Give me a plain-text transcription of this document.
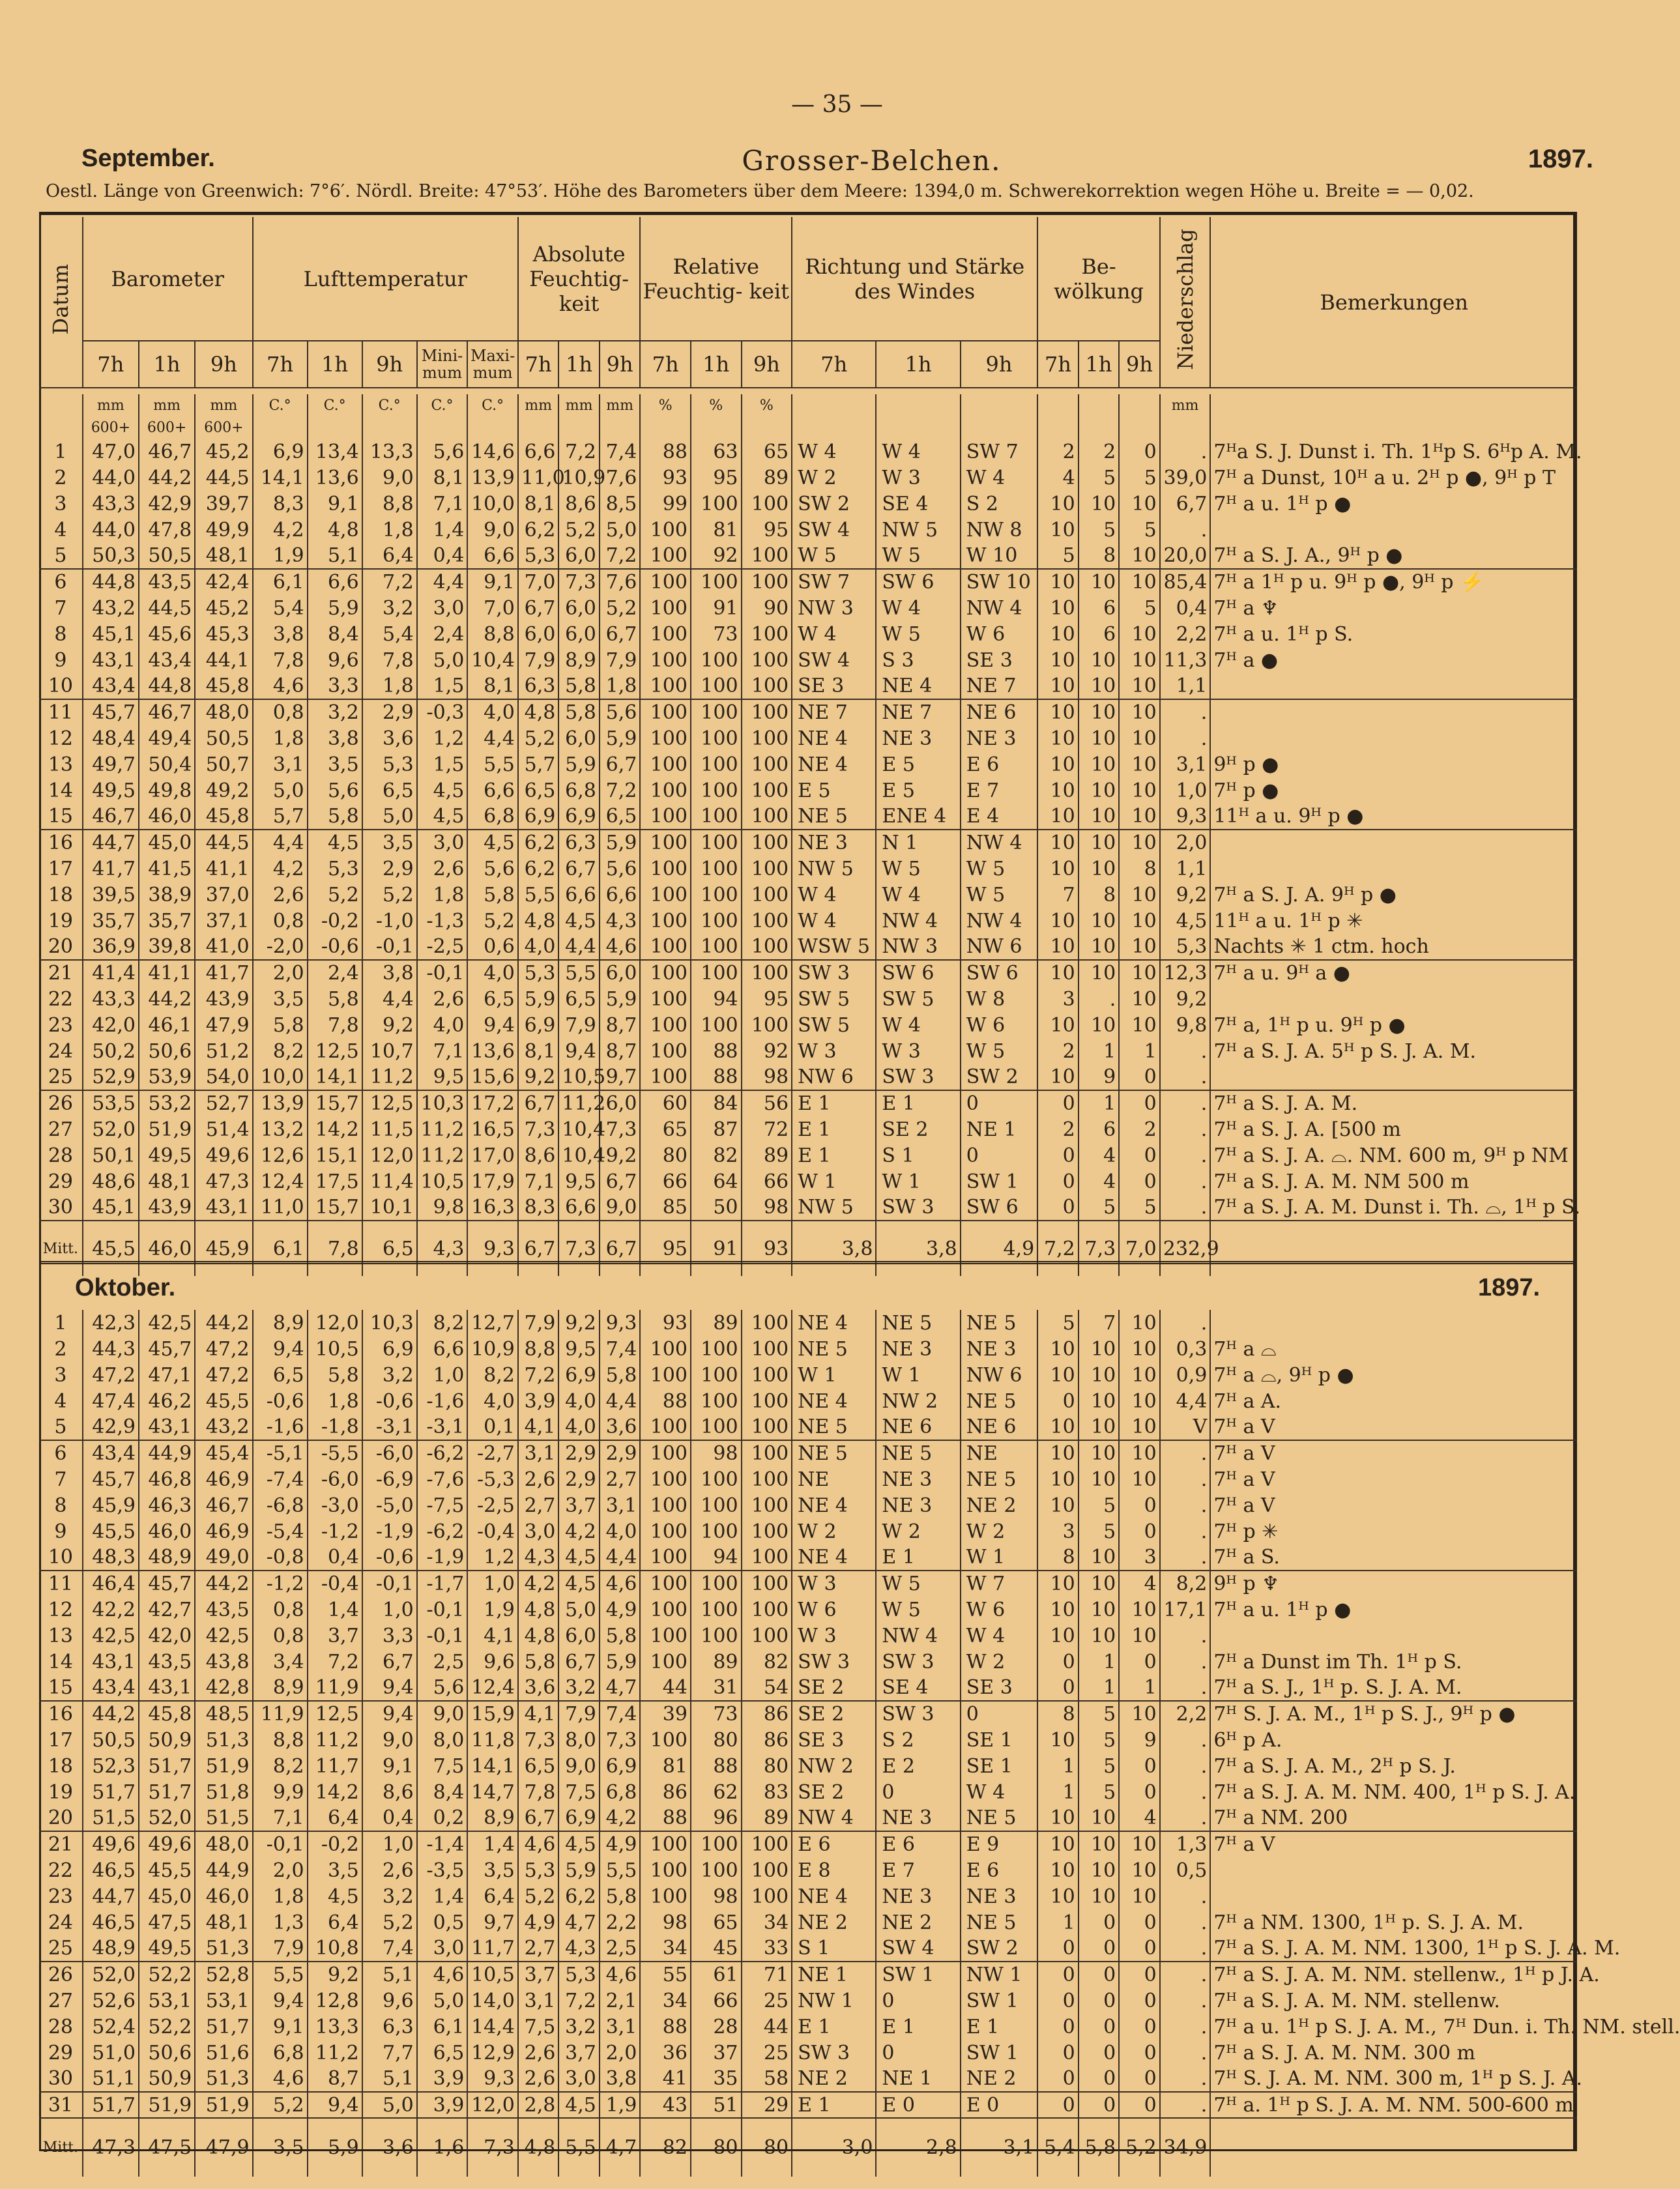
— 35 —
September.	Grosser-Belchen.	1897.
Oestl. Länge von Greenwich: 7°6′. Nördl. Breite: 47°53′. Höhe des Barometers über dem Meere: 1394,0 m. Schwerekorrektion wegen Höhe u. Breite = — 0,02.
Datum	Barometer			Lufttemperatur					Absolute Feuchtig- keit			Relative Feuchtig- keit			Richtung und Stärke des Windes			Be- wölkung			Niederschlag	Bemerkungen
	7h	1h	9h	7h	1h	9h	Mini- mum	Maxi- mum	7h	1h	9h	7h	1h	9h	7h	1h	9h	7h	1h	9h		
	mm	mm	mm	C.°	C.°	C.°	C.°	C.°	mm	mm	mm	%	%	%							mm	
	600+	600+	600+																			
1	47,0	46,7	45,2	6,9	13,4	13,3	5,6	14,6	6,6	7,2	7,4	88	63	65	W 4	W 4	SW 7	2	2	0	.	7ᴴa S. J. Dunst i. Th. 1ᴴp S. 6ᴴp A. M.
2	44,0	44,2	44,5	14,1	13,6	9,0	8,1	13,9	11,0	10,9	7,6	93	95	89	W 2	W 3	W 4	4	5	5	39,0	7ᴴ a Dunst, 10ᴴ a u. 2ᴴ p ●, 9ᴴ p T
3	43,3	42,9	39,7	8,3	9,1	8,8	7,1	10,0	8,1	8,6	8,5	99	100	100	SW 2	SE 4	S 2	10	10	10	6,7	7ᴴ a u. 1ᴴ p ●
4	44,0	47,8	49,9	4,2	4,8	1,8	1,4	9,0	6,2	5,2	5,0	100	81	95	SW 4	NW 5	NW 8	10	5	5	.	
5	50,3	50,5	48,1	1,9	5,1	6,4	0,4	6,6	5,3	6,0	7,2	100	92	100	W 5	W 5	W 10	5	8	10	20,0	7ᴴ a S. J. A., 9ᴴ p ●
6	44,8	43,5	42,4	6,1	6,6	7,2	4,4	9,1	7,0	7,3	7,6	100	100	100	SW 7	SW 6	SW 10	10	10	10	85,4	7ᴴ a 1ᴴ p u. 9ᴴ p ●, 9ᴴ p ⚡
7	43,2	44,5	45,2	5,4	5,9	3,2	3,0	7,0	6,7	6,0	5,2	100	91	90	NW 3	W 4	NW 4	10	6	5	0,4	7ᴴ a ♆
8	45,1	45,6	45,3	3,8	8,4	5,4	2,4	8,8	6,0	6,0	6,7	100	73	100	W 4	W 5	W 6	10	6	10	2,2	7ᴴ a u. 1ᴴ p S.
9	43,1	43,4	44,1	7,8	9,6	7,8	5,0	10,4	7,9	8,9	7,9	100	100	100	SW 4	S 3	SE 3	10	10	10	11,3	7ᴴ a ●
10	43,4	44,8	45,8	4,6	3,3	1,8	1,5	8,1	6,3	5,8	1,8	100	100	100	SE 3	NE 4	NE 7	10	10	10	1,1	
11	45,7	46,7	48,0	0,8	3,2	2,9	-0,3	4,0	4,8	5,8	5,6	100	100	100	NE 7	NE 7	NE 6	10	10	10	.	
12	48,4	49,4	50,5	1,8	3,8	3,6	1,2	4,4	5,2	6,0	5,9	100	100	100	NE 4	NE 3	NE 3	10	10	10	.	
13	49,7	50,4	50,7	3,1	3,5	5,3	1,5	5,5	5,7	5,9	6,7	100	100	100	NE 4	E 5	E 6	10	10	10	3,1	9ᴴ p ●
14	49,5	49,8	49,2	5,0	5,6	6,5	4,5	6,6	6,5	6,8	7,2	100	100	100	E 5	E 5	E 7	10	10	10	1,0	7ᴴ p ●
15	46,7	46,0	45,8	5,7	5,8	5,0	4,5	6,8	6,9	6,9	6,5	100	100	100	NE 5	ENE 4	E 4	10	10	10	9,3	11ᴴ a u. 9ᴴ p ●
16	44,7	45,0	44,5	4,4	4,5	3,5	3,0	4,5	6,2	6,3	5,9	100	100	100	NE 3	N 1	NW 4	10	10	10	2,0	
17	41,7	41,5	41,1	4,2	5,3	2,9	2,6	5,6	6,2	6,7	5,6	100	100	100	NW 5	W 5	W 5	10	10	8	1,1	
18	39,5	38,9	37,0	2,6	5,2	5,2	1,8	5,8	5,5	6,6	6,6	100	100	100	W 4	W 4	W 5	7	8	10	9,2	7ᴴ a S. J. A. 9ᴴ p ●
19	35,7	35,7	37,1	0,8	-0,2	-1,0	-1,3	5,2	4,8	4,5	4,3	100	100	100	W 4	NW 4	NW 4	10	10	10	4,5	11ᴴ a u. 1ᴴ p ✳
20	36,9	39,8	41,0	-2,0	-0,6	-0,1	-2,5	0,6	4,0	4,4	4,6	100	100	100	WSW 5	NW 3	NW 6	10	10	10	5,3	Nachts ✳ 1 ctm. hoch
21	41,4	41,1	41,7	2,0	2,4	3,8	-0,1	4,0	5,3	5,5	6,0	100	100	100	SW 3	SW 6	SW 6	10	10	10	12,3	7ᴴ a u. 9ᴴ a ●
22	43,3	44,2	43,9	3,5	5,8	4,4	2,6	6,5	5,9	6,5	5,9	100	94	95	SW 5	SW 5	W 8	3	.	10	9,2	
23	42,0	46,1	47,9	5,8	7,8	9,2	4,0	9,4	6,9	7,9	8,7	100	100	100	SW 5	W 4	W 6	10	10	10	9,8	7ᴴ a, 1ᴴ p u. 9ᴴ p ●
24	50,2	50,6	51,2	8,2	12,5	10,7	7,1	13,6	8,1	9,4	8,7	100	88	92	W 3	W 3	W 5	2	1	1	.	7ᴴ a S. J. A. 5ᴴ p S. J. A. M.
25	52,9	53,9	54,0	10,0	14,1	11,2	9,5	15,6	9,2	10,5	9,7	100	88	98	NW 6	SW 3	SW 2	10	9	0	.	
26	53,5	53,2	52,7	13,9	15,7	12,5	10,3	17,2	6,7	11,2	6,0	60	84	56	E 1	E 1	0	0	1	0	.	7ᴴ a S. J. A. M.
27	52,0	51,9	51,4	13,2	14,2	11,5	11,2	16,5	7,3	10,4	7,3	65	87	72	E 1	SE 2	NE 1	2	6	2	.	7ᴴ a S. J. A. [500 m
28	50,1	49,5	49,6	12,6	15,1	12,0	11,2	17,0	8,6	10,4	9,2	80	82	89	E 1	S 1	0	0	4	0	.	7ᴴ a S. J. A. ⌓. NM. 600 m, 9ᴴ p NM
29	48,6	48,1	47,3	12,4	17,5	11,4	10,5	17,9	7,1	9,5	6,7	66	64	66	W 1	W 1	SW 1	0	4	0	.	7ᴴ a S. J. A. M. NM 500 m
30	45,1	43,9	43,1	11,0	15,7	10,1	9,8	16,3	8,3	6,6	9,0	85	50	98	NW 5	SW 3	SW 6	0	5	5	.	7ᴴ a S. J. A. M. Dunst i. Th. ⌓, 1ᴴ p S.
Mitt.	45,5	46,0	45,9	6,1	7,8	6,5	4,3	9,3	6,7	7,3	6,7	95	91	93	3,8	3,8	4,9	7,2	7,3	7,0	232,9	
Oktober.	1897.
1	42,3	42,5	44,2	8,9	12,0	10,3	8,2	12,7	7,9	9,2	9,3	93	89	100	NE 4	NE 5	NE 5	5	7	10	.	
2	44,3	45,7	47,2	9,4	10,5	6,9	6,6	10,9	8,8	9,5	7,4	100	100	100	NE 5	NE 3	NE 3	10	10	10	0,3	7ᴴ a ⌓
3	47,2	47,1	47,2	6,5	5,8	3,2	1,0	8,2	7,2	6,9	5,8	100	100	100	W 1	W 1	NW 6	10	10	10	0,9	7ᴴ a ⌓, 9ᴴ p ●
4	47,4	46,2	45,5	-0,6	1,8	-0,6	-1,6	4,0	3,9	4,0	4,4	88	100	100	NE 4	NW 2	NE 5	0	10	10	4,4	7ᴴ a A.
5	42,9	43,1	43,2	-1,6	-1,8	-3,1	-3,1	0,1	4,1	4,0	3,6	100	100	100	NE 5	NE 6	NE 6	10	10	10	V	7ᴴ a V
6	43,4	44,9	45,4	-5,1	-5,5	-6,0	-6,2	-2,7	3,1	2,9	2,9	100	98	100	NE 5	NE 5	NE	10	10	10	.	7ᴴ a V
7	45,7	46,8	46,9	-7,4	-6,0	-6,9	-7,6	-5,3	2,6	2,9	2,7	100	100	100	NE	NE 3	NE 5	10	10	10	.	7ᴴ a V
8	45,9	46,3	46,7	-6,8	-3,0	-5,0	-7,5	-2,5	2,7	3,7	3,1	100	100	100	NE 4	NE 3	NE 2	10	5	0	.	7ᴴ a V
9	45,5	46,0	46,9	-5,4	-1,2	-1,9	-6,2	-0,4	3,0	4,2	4,0	100	100	100	W 2	W 2	W 2	3	5	0	.	7ᴴ p ✳
10	48,3	48,9	49,0	-0,8	0,4	-0,6	-1,9	1,2	4,3	4,5	4,4	100	94	100	NE 4	E 1	W 1	8	10	3	.	7ᴴ a S.
11	46,4	45,7	44,2	-1,2	-0,4	-0,1	-1,7	1,0	4,2	4,5	4,6	100	100	100	W 3	W 5	W 7	10	10	4	8,2	9ᴴ p ♆
12	42,2	42,7	43,5	0,8	1,4	1,0	-0,1	1,9	4,8	5,0	4,9	100	100	100	W 6	W 5	W 6	10	10	10	17,1	7ᴴ a u. 1ᴴ p ●
13	42,5	42,0	42,5	0,8	3,7	3,3	-0,1	4,1	4,8	6,0	5,8	100	100	100	W 3	NW 4	W 4	10	10	10	.	
14	43,1	43,5	43,8	3,4	7,2	6,7	2,5	9,6	5,8	6,7	5,9	100	89	82	SW 3	SW 3	W 2	0	1	0	.	7ᴴ a Dunst im Th. 1ᴴ p S.
15	43,4	43,1	42,8	8,9	11,9	9,4	5,6	12,4	3,6	3,2	4,7	44	31	54	SE 2	SE 4	SE 3	0	1	1	.	7ᴴ a S. J., 1ᴴ p. S. J. A. M.
16	44,2	45,8	48,5	11,9	12,5	9,4	9,0	15,9	4,1	7,9	7,4	39	73	86	SE 2	SW 3	0	8	5	10	2,2	7ᴴ S. J. A. M., 1ᴴ p S. J., 9ᴴ p ●
17	50,5	50,9	51,3	8,8	11,2	9,0	8,0	11,8	7,3	8,0	7,3	100	80	86	SE 3	S 2	SE 1	10	5	9	.	6ᴴ p A.
18	52,3	51,7	51,9	8,2	11,7	9,1	7,5	14,1	6,5	9,0	6,9	81	88	80	NW 2	E 2	SE 1	1	5	0	.	7ᴴ a S. J. A. M., 2ᴴ p S. J.
19	51,7	51,7	51,8	9,9	14,2	8,6	8,4	14,7	7,8	7,5	6,8	86	62	83	SE 2	0	W 4	1	5	0	.	7ᴴ a S. J. A. M. NM. 400, 1ᴴ p S. J. A.
20	51,5	52,0	51,5	7,1	6,4	0,4	0,2	8,9	6,7	6,9	4,2	88	96	89	NW 4	NE 3	NE 5	10	10	4	.	7ᴴ a NM. 200
21	49,6	49,6	48,0	-0,1	-0,2	1,0	-1,4	1,4	4,6	4,5	4,9	100	100	100	E 6	E 6	E 9	10	10	10	1,3	7ᴴ a V
22	46,5	45,5	44,9	2,0	3,5	2,6	-3,5	3,5	5,3	5,9	5,5	100	100	100	E 8	E 7	E 6	10	10	10	0,5	
23	44,7	45,0	46,0	1,8	4,5	3,2	1,4	6,4	5,2	6,2	5,8	100	98	100	NE 4	NE 3	NE 3	10	10	10	.	
24	46,5	47,5	48,1	1,3	6,4	5,2	0,5	9,7	4,9	4,7	2,2	98	65	34	NE 2	NE 2	NE 5	1	0	0	.	7ᴴ a NM. 1300, 1ᴴ p. S. J. A. M.
25	48,9	49,5	51,3	7,9	10,8	7,4	3,0	11,7	2,7	4,3	2,5	34	45	33	S 1	SW 4	SW 2	0	0	0	.	7ᴴ a S. J. A. M. NM. 1300, 1ᴴ p S. J. A. M.
26	52,0	52,2	52,8	5,5	9,2	5,1	4,6	10,5	3,7	5,3	4,6	55	61	71	NE 1	SW 1	NW 1	0	0	0	.	7ᴴ a S. J. A. M. NM. stellenw., 1ᴴ p J. A.
27	52,6	53,1	53,1	9,4	12,8	9,6	5,0	14,0	3,1	7,2	2,1	34	66	25	NW 1	0	SW 1	0	0	0	.	7ᴴ a S. J. A. M. NM. stellenw.
28	52,4	52,2	51,7	9,1	13,3	6,3	6,1	14,4	7,5	3,2	3,1	88	28	44	E 1	E 1	E 1	0	0	0	.	7ᴴ a u. 1ᴴ p S. J. A. M., 7ᴴ Dun. i. Th. NM. stell.
29	51,0	50,6	51,6	6,8	11,2	7,7	6,5	12,9	2,6	3,7	2,0	36	37	25	SW 3	0	SW 1	0	0	0	.	7ᴴ a S. J. A. M. NM. 300 m
30	51,1	50,9	51,3	4,6	8,7	5,1	3,9	9,3	2,6	3,0	3,8	41	35	58	NE 2	NE 1	NE 2	0	0	0	.	7ᴴ S. J. A. M. NM. 300 m, 1ᴴ p S. J. A.
31	51,7	51,9	51,9	5,2	9,4	5,0	3,9	12,0	2,8	4,5	1,9	43	51	29	E 1	E 0	E 0	0	0	0	.	7ᴴ a. 1ᴴ p S. J. A. M. NM. 500-600 m
Mitt.	47,3	47,5	47,9	3,5	5,9	3,6	1,6	7,3	4,8	5,5	4,7	82	80	80	3,0	2,8	3,1	5,4	5,8	5,2	34,9	
